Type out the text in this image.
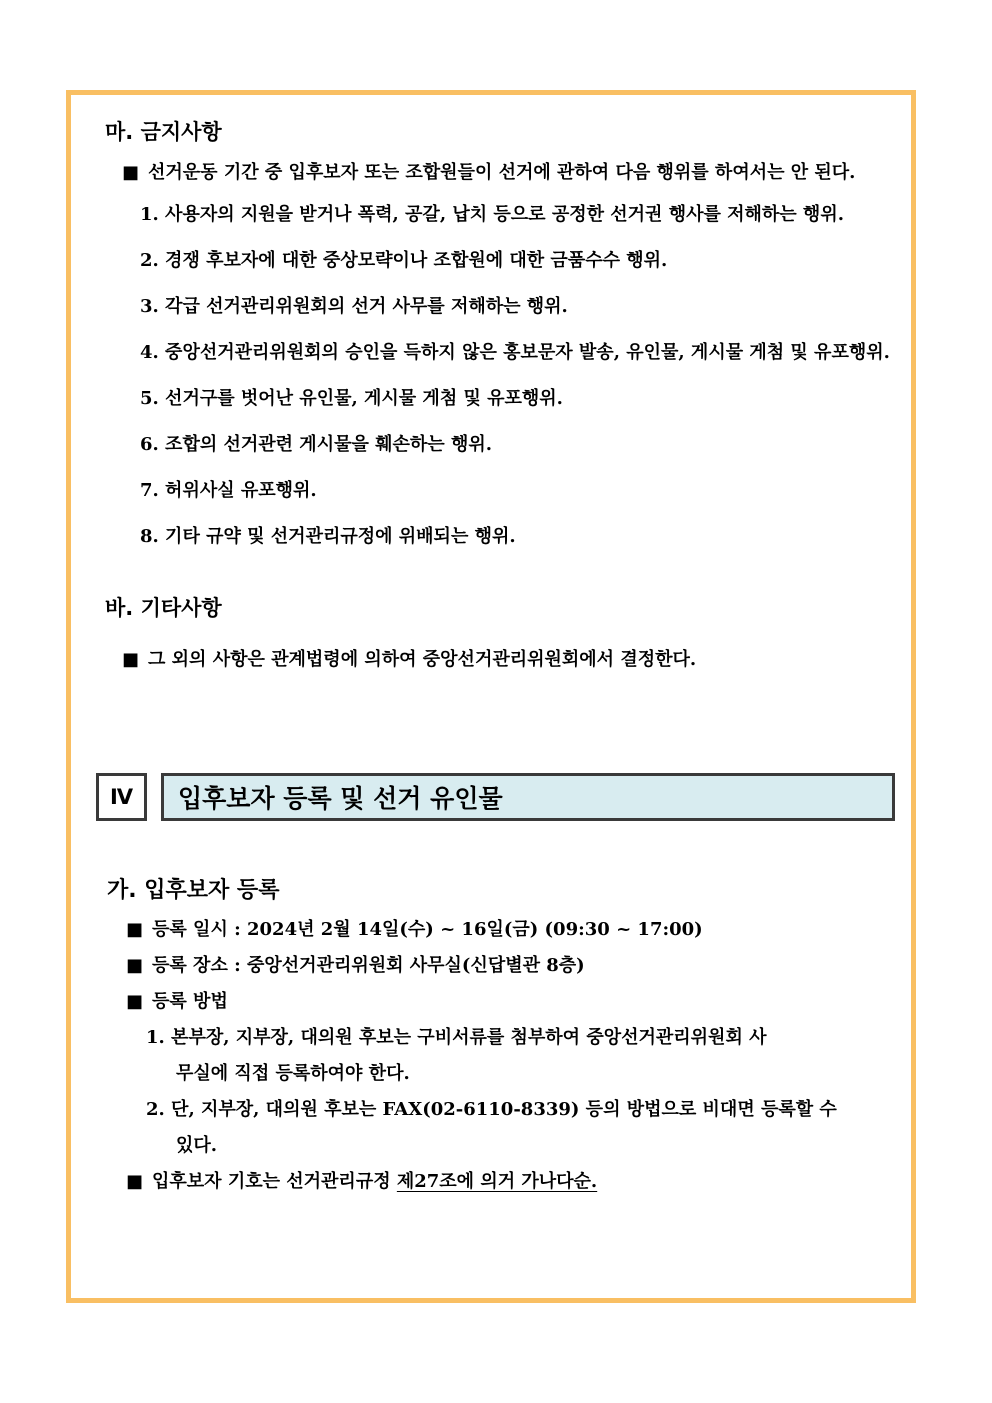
마. 금지사항
■ 선거운동 기간 중 입후보자 또는 조합원들이 선거에 관하여 다음 행위를 하여서는 안 된다.
1. 사용자의 지원을 받거나 폭력, 공갈, 납치 등으로 공정한 선거권 행사를 저해하는 행위.
2. 경쟁 후보자에 대한 중상모략이나 조합원에 대한 금품수수 행위.
3. 각급 선거관리위원회의 선거 사무를 저해하는 행위.
4. 중앙선거관리위원회의 승인을 득하지 않은 홍보문자 발송, 유인물, 게시물 게첨 및 유포행위.
5. 선거구를 벗어난 유인물, 게시물 게첨 및 유포행위.
6. 조합의 선거관련 게시물을 훼손하는 행위.
7. 허위사실 유포행위.
8. 기타 규약 및 선거관리규정에 위배되는 행위.
바. 기타사항
■ 그 외의 사항은 관계법령에 의하여 중앙선거관리위원회에서 결정한다.
Ⅳ	입후보자 등록 및 선거 유인물
가. 입후보자 등록
■ 등록 일시 : 2024년 2월 14일(수) ~ 16일(금) (09:30 ~ 17:00)
■ 등록 장소 : 중앙선거관리위원회 사무실(신답별관 8층)
■ 등록 방법
1. 본부장, 지부장, 대의원 후보는 구비서류를 첨부하여 중앙선거관리위원회 사
무실에 직접 등록하여야 한다.
2. 단, 지부장, 대의원 후보는 FAX(02-6110-8339) 등의 방법으로 비대면 등록할 수
있다.
■ 입후보자 기호는 선거관리규정 제27조에 의거 가나다순.
